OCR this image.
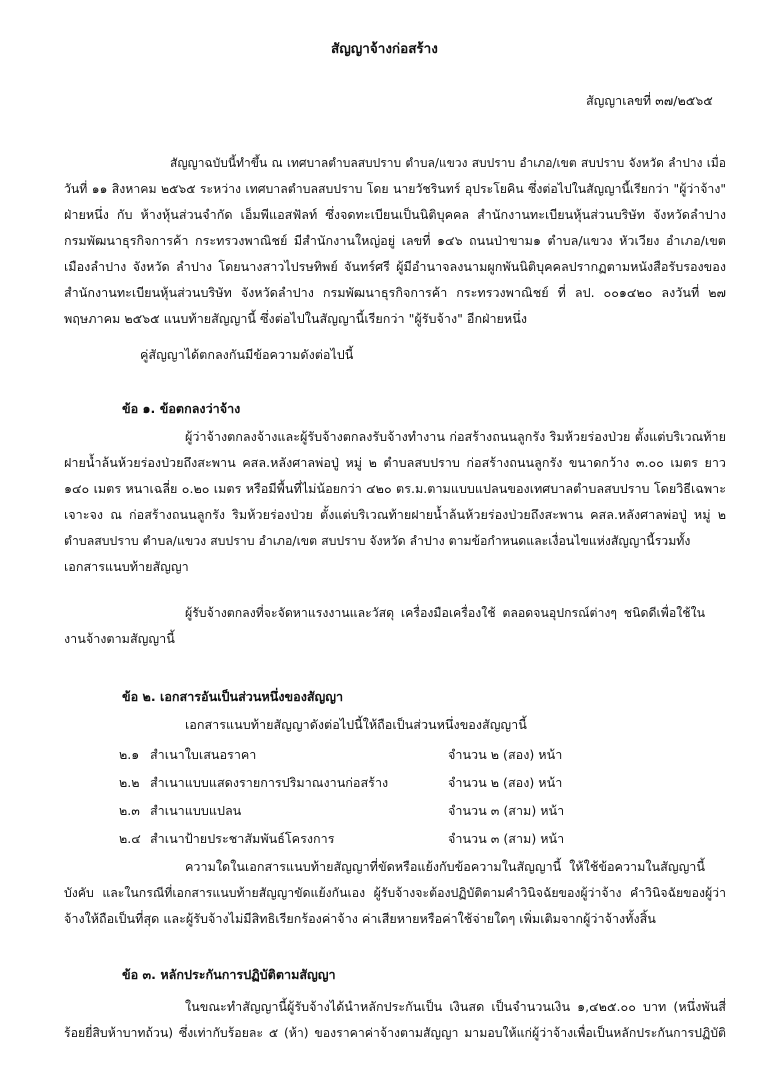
สัญญาจ้างก่อสร้าง
สัญญาเลขที่ ๓๗/๒๕๖๕
สัญญาฉบับนี้ทำขึ้น ณ เทศบาลตำบลสบปราบ ตำบล/แขวง สบปราบ อำเภอ/เขต สบปราบ จังหวัด ลำปาง เมื่อ
วันที่ ๑๑ สิงหาคม ๒๕๖๕ ระหว่าง เทศบาลตำบลสบปราบ โดย นายวัชรินทร์ อุประโยคิน ซึ่งต่อไปในสัญญานี้เรียกว่า "ผู้ว่าจ้าง"
ฝ่ายหนึ่ง กับ ห้างหุ้นส่วนจำกัด เอ็มพีแอสฟัลท์ ซึ่งจดทะเบียนเป็นนิติบุคคล สำนักงานทะเบียนหุ้นส่วนบริษัท จังหวัดลำปาง
กรมพัฒนาธุรกิจการค้า กระทรวงพาณิชย์ มีสำนักงานใหญ่อยู่ เลขที่ ๑๔๖ ถนนป่าขาม๑ ตำบล/แขวง หัวเวียง อำเภอ/เขต
เมืองลำปาง จังหวัด ลำปาง โดยนางสาวไปรษทิพย์ จันทร์ศรี ผู้มีอำนาจลงนามผูกพันนิติบุคคลปรากฏตามหนังสือรับรองของ
สำนักงานทะเบียนหุ้นส่วนบริษัท จังหวัดลำปาง กรมพัฒนาธุรกิจการค้า กระทรวงพาณิชย์ ที่ ลป. ๐๐๑๔๒๐ ลงวันที่ ๒๗
พฤษภาคม ๒๕๖๕ แนบท้ายสัญญานี้ ซึ่งต่อไปในสัญญานี้เรียกว่า "ผู้รับจ้าง" อีกฝ่ายหนึ่ง
คู่สัญญาได้ตกลงกันมีข้อความดังต่อไปนี้
ข้อ ๑. ข้อตกลงว่าจ้าง
ผู้ว่าจ้างตกลงจ้างและผู้รับจ้างตกลงรับจ้างทำงาน ก่อสร้างถนนลูกรัง ริมห้วยร่องป่วย ตั้งแต่บริเวณท้าย
ฝายน้ำล้นห้วยร่องป่วยถึงสะพาน คสล.หลังศาลพ่อปู่ หมู่ ๒ ตำบลสบปราบ ก่อสร้างถนนลูกรัง ขนาดกว้าง ๓.๐๐ เมตร ยาว
๑๔๐ เมตร หนาเฉลี่ย ๐.๒๐ เมตร หรือมีพื้นที่ไม่น้อยกว่า ๔๒๐ ตร.ม.ตามแบบแปลนของเทศบาลตำบลสบปราบ โดยวิธีเฉพาะ
เจาะจง ณ ก่อสร้างถนนลูกรัง ริมห้วยร่องป่วย ตั้งแต่บริเวณท้ายฝายน้ำล้นห้วยร่องป่วยถึงสะพาน คสล.หลังศาลพ่อปู่ หมู่ ๒
ตำบลสบปราบ ตำบล/แขวง สบปราบ อำเภอ/เขต สบปราบ จังหวัด ลำปาง ตามข้อกำหนดและเงื่อนไขแห่งสัญญานี้รวมทั้ง
เอกสารแนบท้ายสัญญา
ผู้รับจ้างตกลงที่จะจัดหาแรงงานและวัสดุ เครื่องมือเครื่องใช้ ตลอดจนอุปกรณ์ต่างๆ ชนิดดีเพื่อใช้ใน
งานจ้างตามสัญญานี้
ข้อ ๒. เอกสารอันเป็นส่วนหนึ่งของสัญญา
เอกสารแนบท้ายสัญญาดังต่อไปนี้ให้ถือเป็นส่วนหนึ่งของสัญญานี้
๒.๑ สำเนาใบเสนอราคา	จำนวน ๒ (สอง) หน้า
๒.๒ สำเนาแบบแสดงรายการปริมาณงานก่อสร้าง	จำนวน ๒ (สอง) หน้า
๒.๓ สำเนาแบบแปลน	จำนวน ๓ (สาม) หน้า
๒.๔ สำเนาป้ายประชาสัมพันธ์โครงการ	จำนวน ๓ (สาม) หน้า
ความใดในเอกสารแนบท้ายสัญญาที่ขัดหรือแย้งกับข้อความในสัญญานี้ ให้ใช้ข้อความในสัญญานี้
บังคับ และในกรณีที่เอกสารแนบท้ายสัญญาขัดแย้งกันเอง ผู้รับจ้างจะต้องปฏิบัติตามคำวินิจฉัยของผู้ว่าจ้าง คำวินิจฉัยของผู้ว่า
จ้างให้ถือเป็นที่สุด และผู้รับจ้างไม่มีสิทธิเรียกร้องค่าจ้าง ค่าเสียหายหรือค่าใช้จ่ายใดๆ เพิ่มเติมจากผู้ว่าจ้างทั้งสิ้น
ข้อ ๓. หลักประกันการปฏิบัติตามสัญญา
ในขณะทำสัญญานี้ผู้รับจ้างได้นำหลักประกันเป็น เงินสด เป็นจำนวนเงิน ๑,๔๒๕.๐๐ บาท (หนึ่งพันสี่
ร้อยยี่สิบห้าบาทถ้วน) ซึ่งเท่ากับร้อยละ ๕ (ห้า) ของราคาค่าจ้างตามสัญญา มามอบให้แก่ผู้ว่าจ้างเพื่อเป็นหลักประกันการปฏิบัติ
